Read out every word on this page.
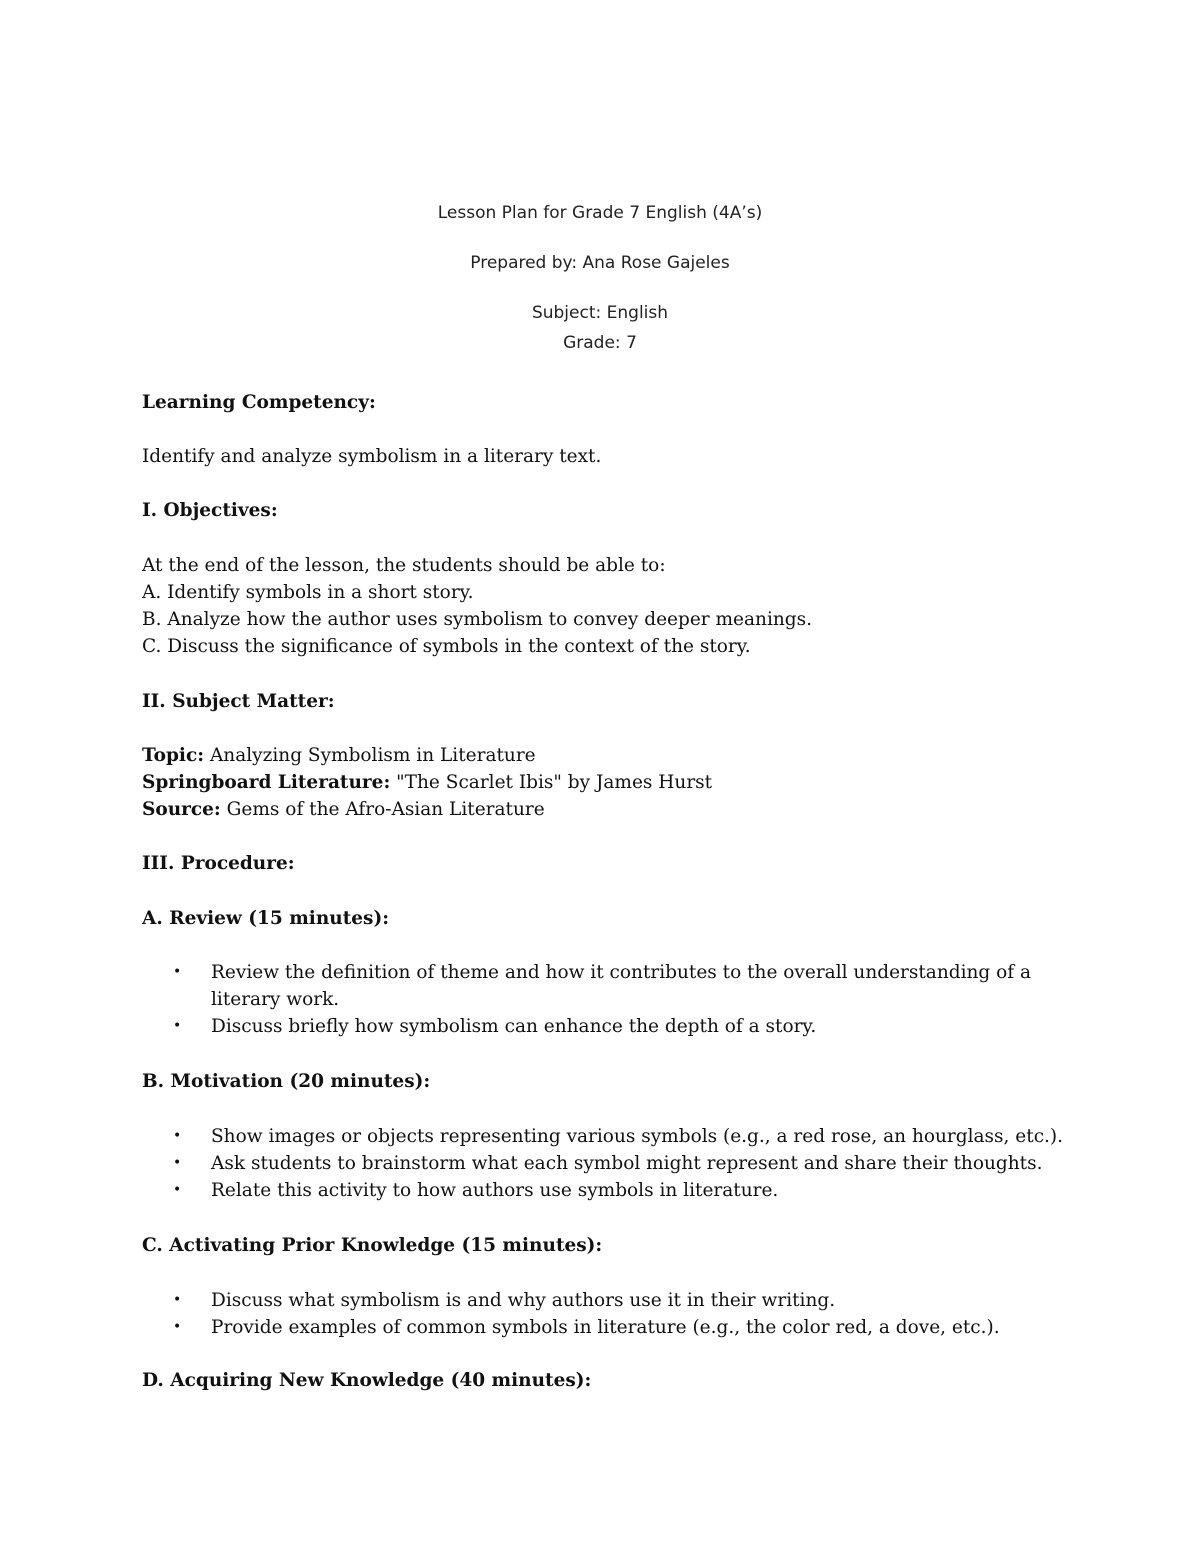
Lesson Plan for Grade 7 English (4A’s)
Prepared by: Ana Rose Gajeles
Subject: English
Grade: 7
Learning Competency:
Identify and analyze symbolism in a literary text.
I. Objectives:
At the end of the lesson, the students should be able to:
A. Identify symbols in a short story.
B. Analyze how the author uses symbolism to convey deeper meanings.
C. Discuss the significance of symbols in the context of the story.
II. Subject Matter:
Topic: Analyzing Symbolism in Literature
Springboard Literature: "The Scarlet Ibis" by James Hurst
Source: Gems of the Afro-Asian Literature
III. Procedure:
A. Review (15 minutes):
• Review the definition of theme and how it contributes to the overall understanding of a
literary work.
• Discuss briefly how symbolism can enhance the depth of a story.
B. Motivation (20 minutes):
• Show images or objects representing various symbols (e.g., a red rose, an hourglass, etc.).
• Ask students to brainstorm what each symbol might represent and share their thoughts.
• Relate this activity to how authors use symbols in literature.
C. Activating Prior Knowledge (15 minutes):
• Discuss what symbolism is and why authors use it in their writing.
• Provide examples of common symbols in literature (e.g., the color red, a dove, etc.).
D. Acquiring New Knowledge (40 minutes):
